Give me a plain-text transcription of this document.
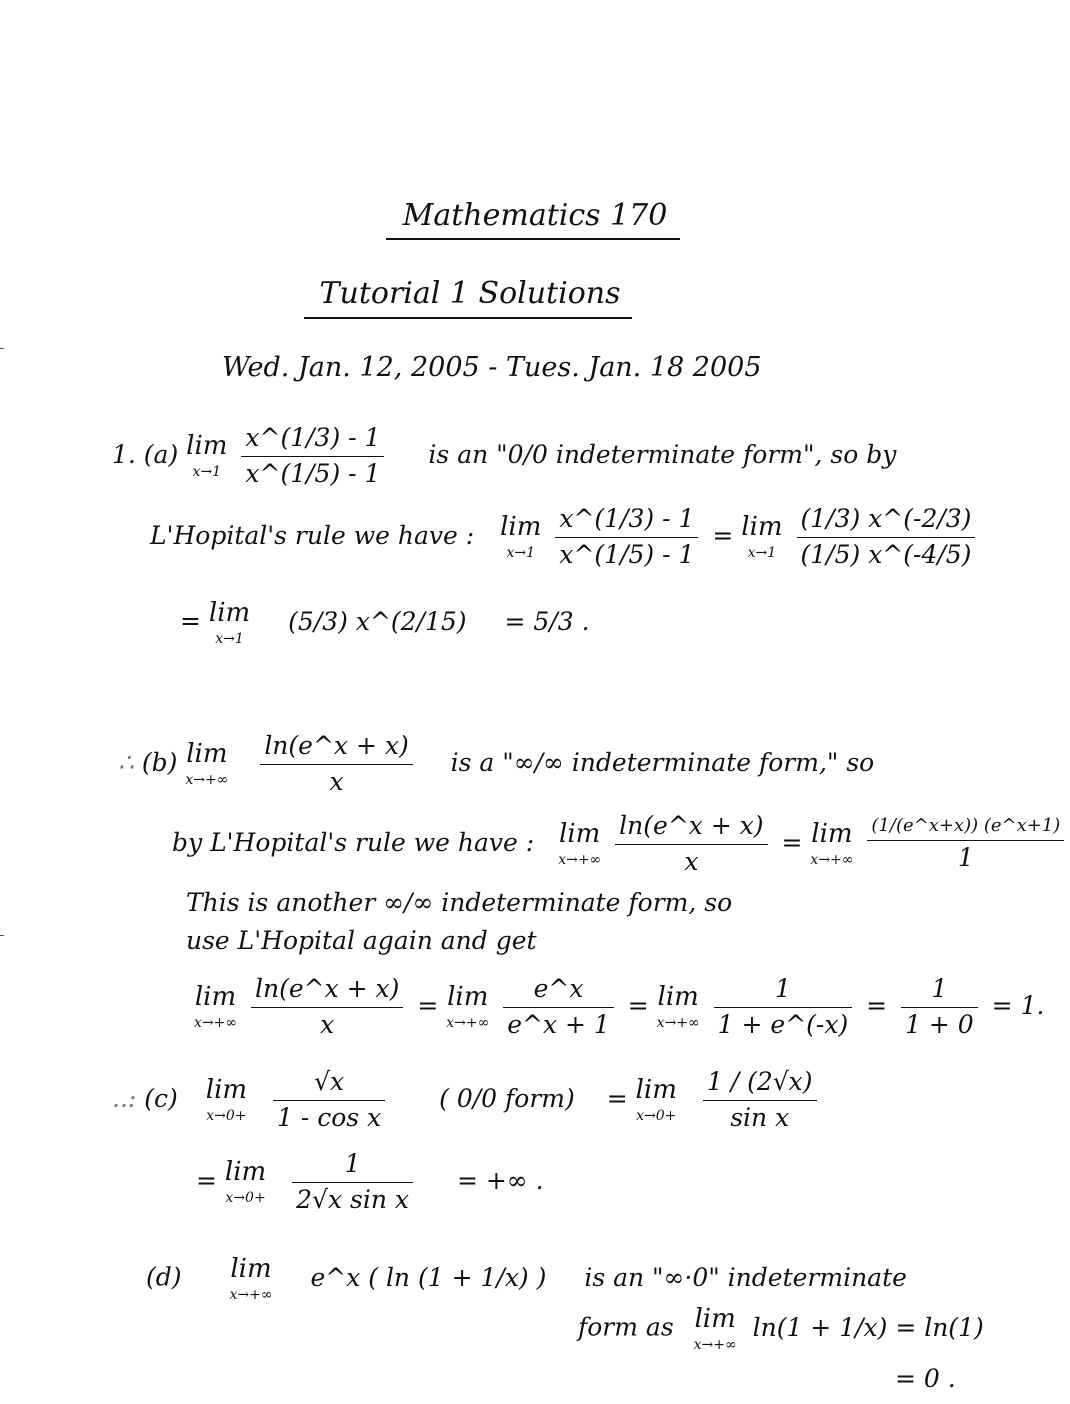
Mathematics 170
Tutorial 1 Solutions
Wed. Jan. 12, 2005 - Tues. Jan. 18 2005
1. (a) lim
x→1
$\frac{x\^{}(1/3) - 1}{x\^{}(1/5) - 1}$ is an "0/0 indeterminate form", so by
L'Hopital's rule we have : lim
x→1
$\frac{x\^{}(1/3) - 1}{x\^{}(1/5) - 1} = \lim$
x→1
$\frac{(1/3) x\^{}(-2/3)}{(1/5) x\^{}(-4/5)}$
= lim
x→1
(5/3) x^(2/15) = 5/3 .
∴ (b) lim
x→+∞
$\frac{\ln(e\^{}x + x)}{x}$ is a "∞/∞ indeterminate form," so
by L'Hopital's rule we have : lim
x→+∞
$\frac{\ln(e\^{}x + x)}{x} = \lim$
x→+∞
$\frac{(1/(e\^{}x+x)) (e\^{}x+1)}{1}$
This is another ∞/∞ indeterminate form, so
use L'Hopital again and get
lim
x→+∞
$\frac{\ln(e\^{}x + x)}{x} = \lim$
x→+∞
$\frac{e\^{}x}{e\^{}x + 1} = \lim$
x→+∞
$\frac{1}{1 + e\^{}(-x)} = \frac{1}{1 + 0} = 1$.
..: (c) lim
x→0+
$\frac{√x}{\text{1 - cos x}}$ ( 0/0 form) = lim
x→0+
$\frac{1 / (2√x)}{\text{sin x}}$
= lim
x→0+
$\frac{1}{\text{2√x sin x}}$ = +∞ .
(d) lim
x→+∞
e^x ( ln (1 + 1/x) ) is an "∞·0" indeterminate
form as lim
x→+∞
ln(1 + 1/x) = ln(1)
= 0 .
